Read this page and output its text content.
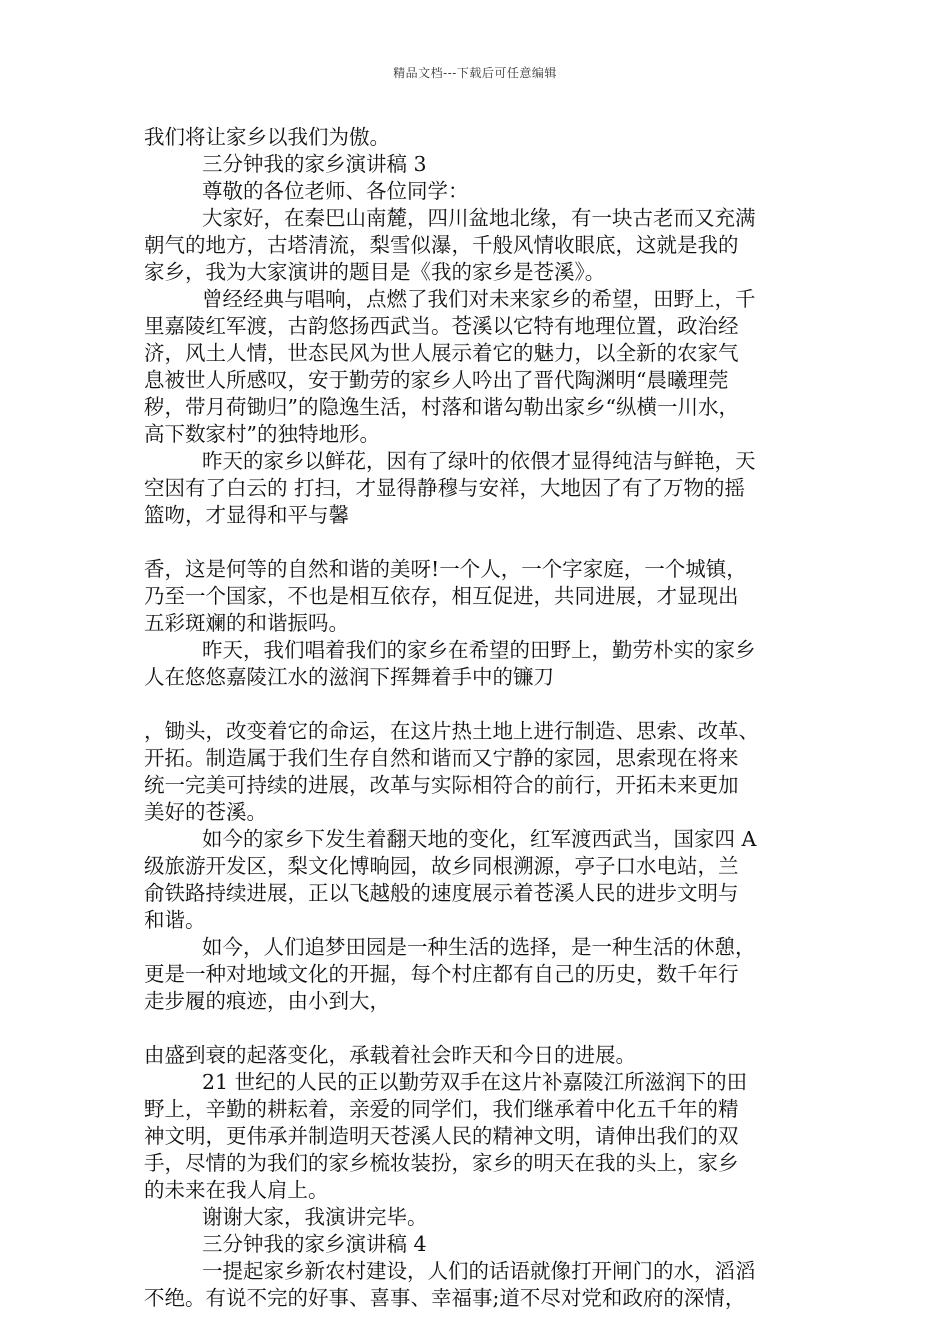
精品文档---下载后可任意编辑

我们将让家乡以我们为傲。

三分钟我的家乡演讲稿 3

尊敬的各位老师、各位同学：

大家好，在秦巴山南麓，四川盆地北缘，有一块古老而又充满

朝气的地方，古塔清流，梨雪似瀑，千般风情收眼底，这就是我的

家乡，我为大家演讲的题目是《我的家乡是苍溪》。

曾经经典与唱响，点燃了我们对未来家乡的希望，田野上，千

里嘉陵红军渡，古韵悠扬西武当。苍溪以它特有地理位置，政治经

济，风土人情，世态民风为世人展示着它的魅力，以全新的农家气

息被世人所感叹，安于勤劳的家乡人吟出了晋代陶渊明“晨曦理莞

秽，带月荷锄归”的隐逸生活，村落和谐勾勒出家乡“纵横一川水，

高下数家村”的独特地形。

昨天的家乡以鲜花，因有了绿叶的依偎才显得纯洁与鲜艳，天

空因有了白云的 打扫，才显得静穆与安祥，大地因了有了万物的摇

篮吻，才显得和平与馨

香，这是何等的自然和谐的美呀!一个人，一个字家庭，一个城镇，

乃至一个国家，不也是相互依存，相互促进，共同进展，才显现出

五彩斑斓的和谐振吗。

昨天，我们唱着我们的家乡在希望的田野上，勤劳朴实的家乡

人在悠悠嘉陵江水的滋润下挥舞着手中的镰刀

，锄头，改变着它的命运，在这片热土地上进行制造、思索、改革、

开拓。制造属于我们生存自然和谐而又宁静的家园，思索现在将来

统一完美可持续的进展，改革与实际相符合的前行，开拓未来更加

美好的苍溪。

如今的家乡下发生着翻天地的变化，红军渡西武当，国家四 A

级旅游开发区，梨文化博晌园，故乡同根溯源，亭子口水电站，兰

俞铁路持续进展，正以飞越般的速度展示着苍溪人民的进步文明与

和谐。

如今，人们追梦田园是一种生活的选择，是一种生活的休憩，

更是一种对地域文化的开掘，每个村庄都有自己的历史，数千年行

走步履的痕迹，由小到大，

由盛到衰的起落变化，承载着社会昨天和今日的进展。

21 世纪的人民的正以勤劳双手在这片补嘉陵江所滋润下的田

野上，辛勤的耕耘着，亲爱的同学们，我们继承着中化五千年的精

神文明，更伟承并制造明天苍溪人民的精神文明，请伸出我们的双

手，尽情的为我们的家乡梳妆装扮，家乡的明天在我的头上，家乡

的未来在我人肩上。

谢谢大家，我演讲完毕。

三分钟我的家乡演讲稿 4

一提起家乡新农村建设，人们的话语就像打开闸门的水，滔滔

不绝。有说不完的好事、喜事、幸福事;道不尽对党和政府的深情，
